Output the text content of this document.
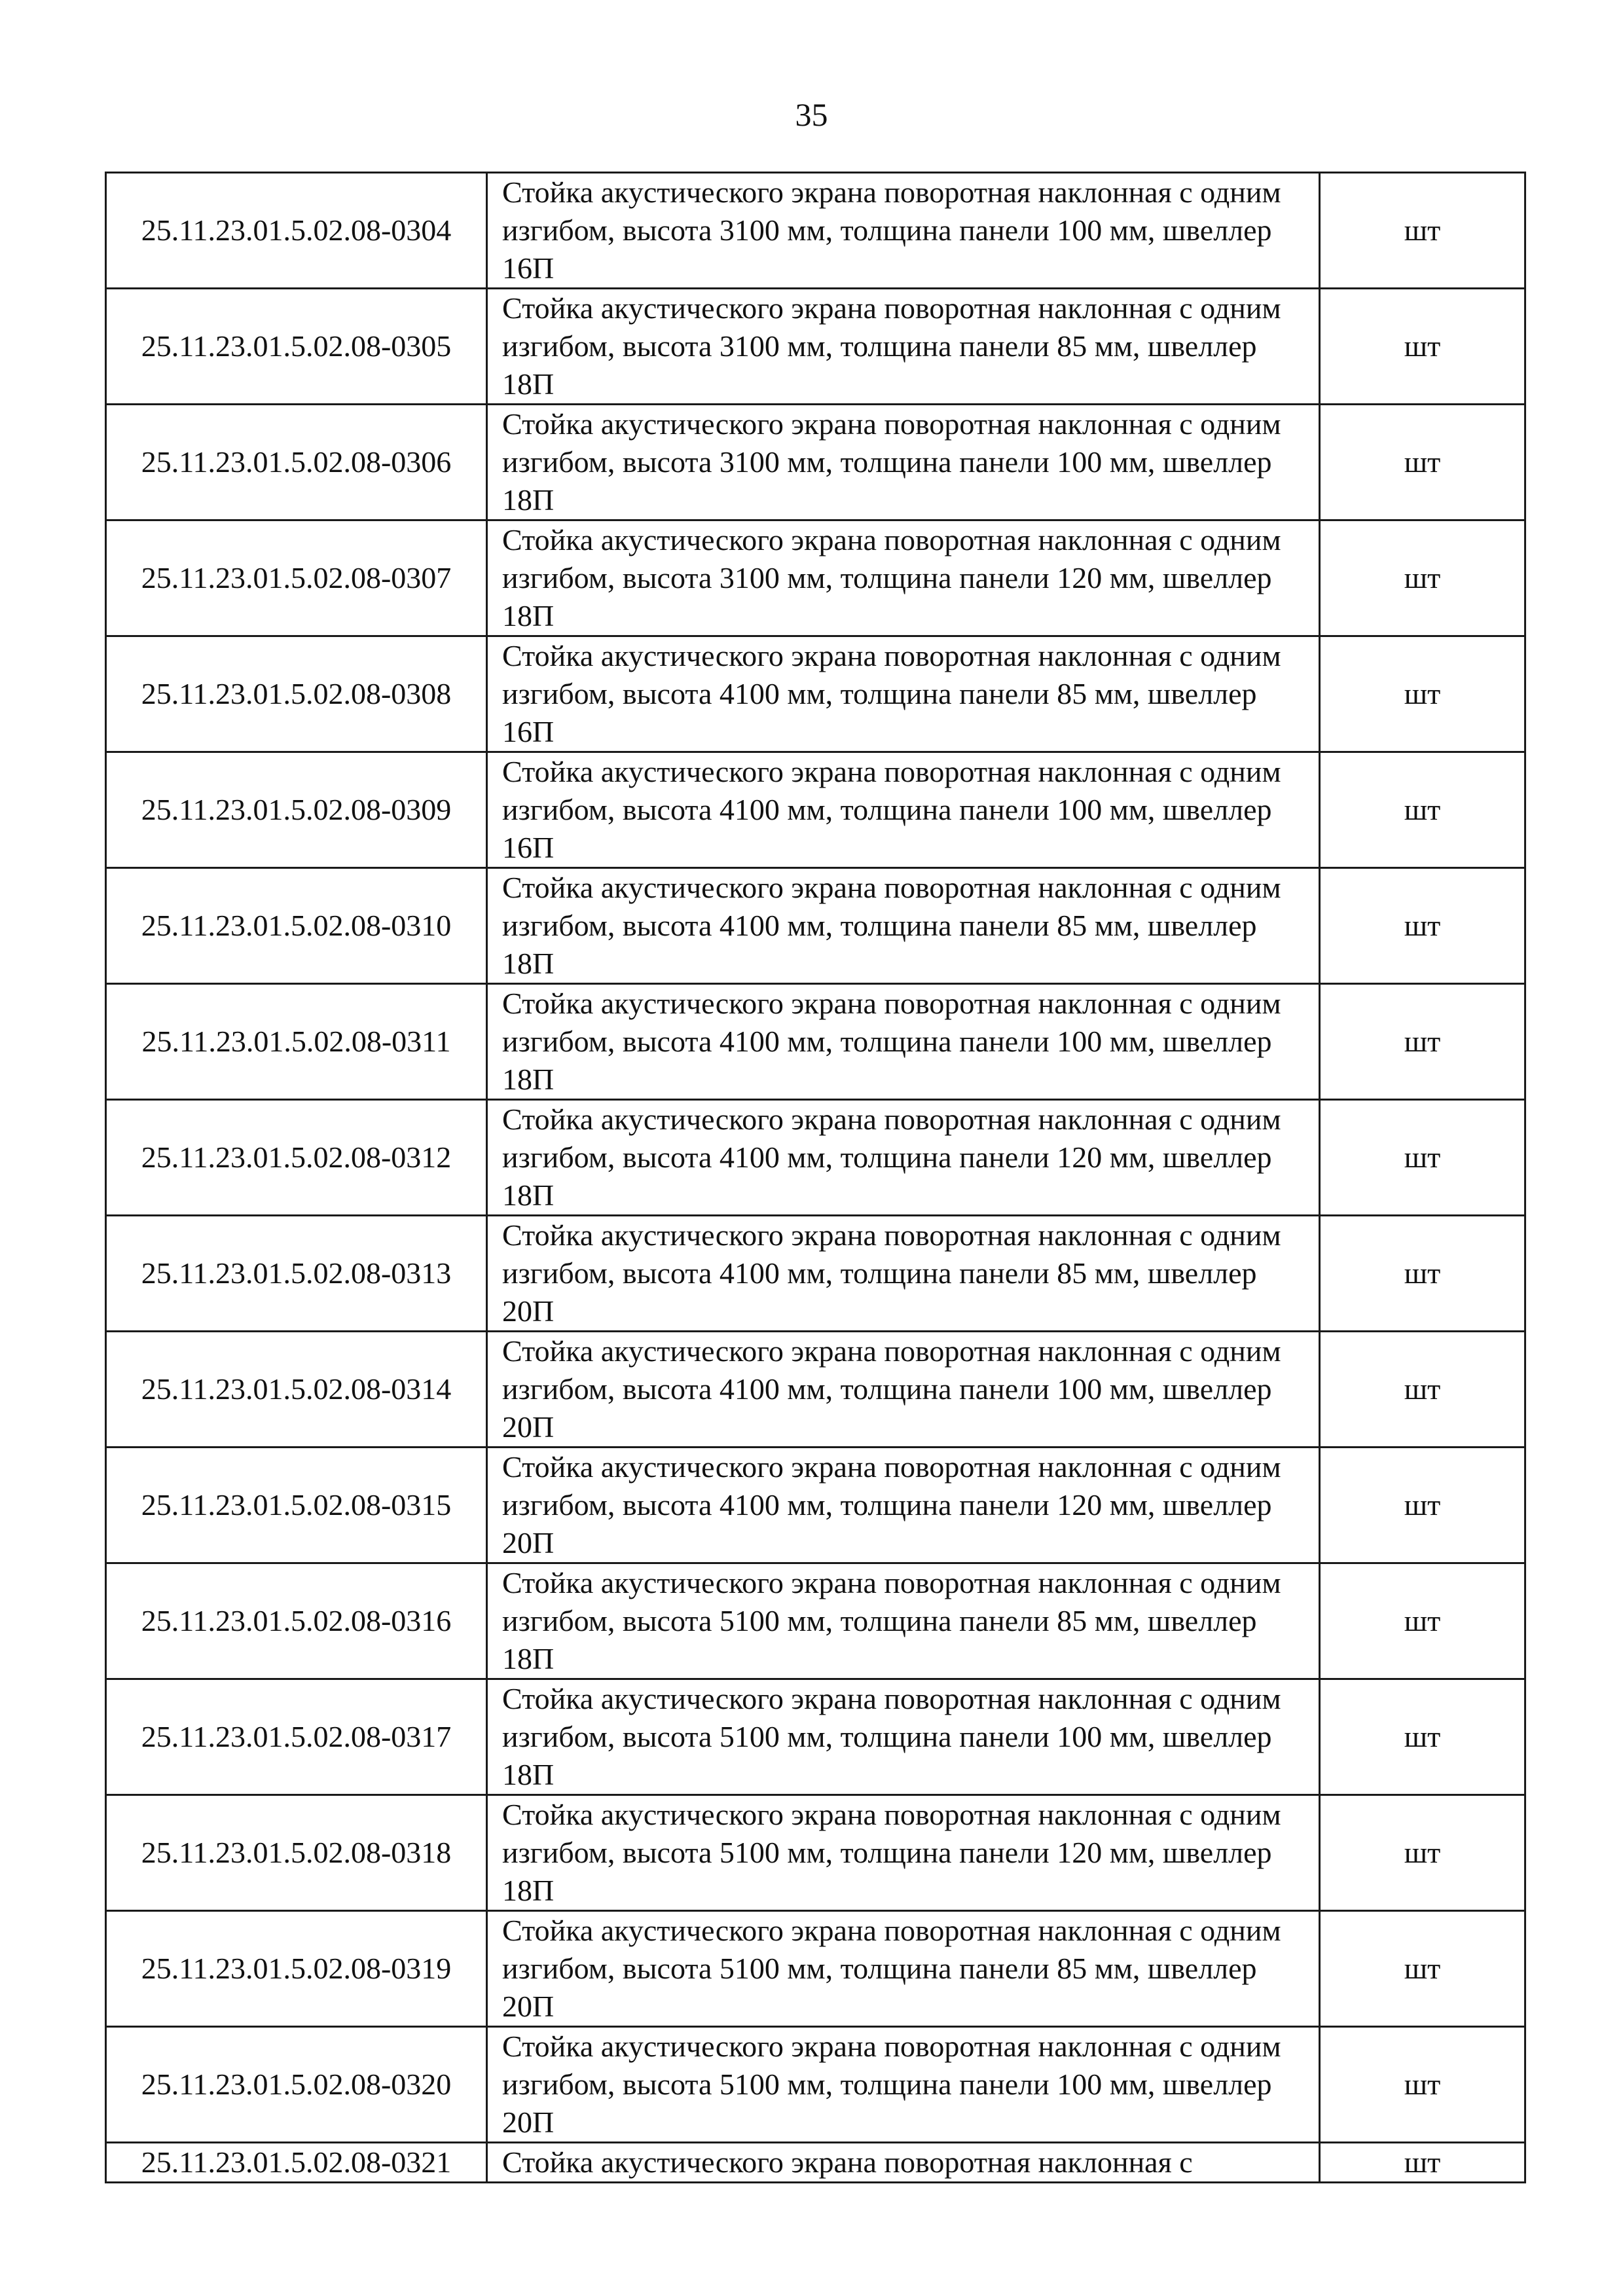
35
25.11.23.01.5.02.08-0304	Стойка акустического экрана поворотная наклонная с одним изгибом, высота 3100 мм, толщина панели 100 мм, швеллер 16П	шт
25.11.23.01.5.02.08-0305	Стойка акустического экрана поворотная наклонная с одним изгибом, высота 3100 мм, толщина панели 85 мм, швеллер 18П	шт
25.11.23.01.5.02.08-0306	Стойка акустического экрана поворотная наклонная с одним изгибом, высота 3100 мм, толщина панели 100 мм, швеллер 18П	шт
25.11.23.01.5.02.08-0307	Стойка акустического экрана поворотная наклонная с одним изгибом, высота 3100 мм, толщина панели 120 мм, швеллер 18П	шт
25.11.23.01.5.02.08-0308	Стойка акустического экрана поворотная наклонная с одним изгибом, высота 4100 мм, толщина панели 85 мм, швеллер 16П	шт
25.11.23.01.5.02.08-0309	Стойка акустического экрана поворотная наклонная с одним изгибом, высота 4100 мм, толщина панели 100 мм, швеллер 16П	шт
25.11.23.01.5.02.08-0310	Стойка акустического экрана поворотная наклонная с одним изгибом, высота 4100 мм, толщина панели 85 мм, швеллер 18П	шт
25.11.23.01.5.02.08-0311	Стойка акустического экрана поворотная наклонная с одним изгибом, высота 4100 мм, толщина панели 100 мм, швеллер 18П	шт
25.11.23.01.5.02.08-0312	Стойка акустического экрана поворотная наклонная с одним изгибом, высота 4100 мм, толщина панели 120 мм, швеллер 18П	шт
25.11.23.01.5.02.08-0313	Стойка акустического экрана поворотная наклонная с одним изгибом, высота 4100 мм, толщина панели 85 мм, швеллер 20П	шт
25.11.23.01.5.02.08-0314	Стойка акустического экрана поворотная наклонная с одним изгибом, высота 4100 мм, толщина панели 100 мм, швеллер 20П	шт
25.11.23.01.5.02.08-0315	Стойка акустического экрана поворотная наклонная с одним изгибом, высота 4100 мм, толщина панели 120 мм, швеллер 20П	шт
25.11.23.01.5.02.08-0316	Стойка акустического экрана поворотная наклонная с одним изгибом, высота 5100 мм, толщина панели 85 мм, швеллер 18П	шт
25.11.23.01.5.02.08-0317	Стойка акустического экрана поворотная наклонная с одним изгибом, высота 5100 мм, толщина панели 100 мм, швеллер 18П	шт
25.11.23.01.5.02.08-0318	Стойка акустического экрана поворотная наклонная с одним изгибом, высота 5100 мм, толщина панели 120 мм, швеллер 18П	шт
25.11.23.01.5.02.08-0319	Стойка акустического экрана поворотная наклонная с одним изгибом, высота 5100 мм, толщина панели 85 мм, швеллер 20П	шт
25.11.23.01.5.02.08-0320	Стойка акустического экрана поворотная наклонная с одним изгибом, высота 5100 мм, толщина панели 100 мм, швеллер 20П	шт
25.11.23.01.5.02.08-0321	Стойка акустического экрана поворотная наклонная с	шт
